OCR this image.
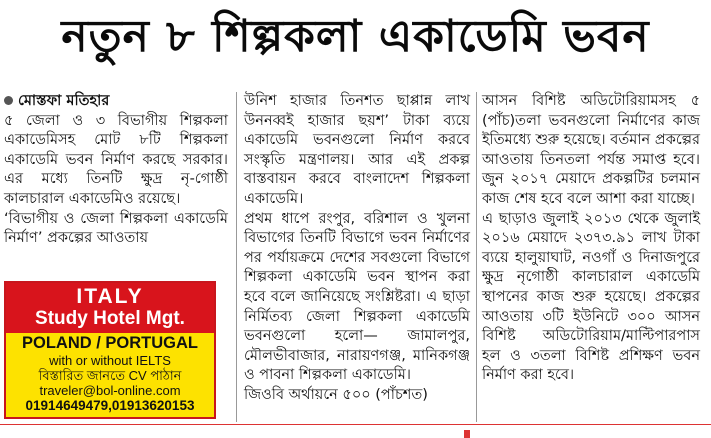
নতুন ৮ শিল্পকলা একাডেমি ভবন

মোস্তফা মতিহার

৫ জেলা ও ৩ বিভাগীয় শিল্পকলা একাডেমিসহ মোট ৮টি শিল্পকলা একাডেমি ভবন নির্মাণ করছে সরকার। এর মধ্যে তিনটি ক্ষুদ্র নৃ-গোষ্ঠী কালচারাল একাডেমিও রয়েছে।

‘বিভাগীয় ও জেলা শিল্পকলা একাডেমি নির্মাণ’ প্রকল্পের আওতায়

ITALY
Study Hotel Mgt.
POLAND / PORTUGAL
with or without IELTS
বিস্তারিত জানতে CV পাঠান
traveler@bol-online.com
01914649479,01913620153

উনিশ হাজার তিনশত ছাপ্পান্ন লাখ উননব্বই হাজার ছয়শ’ টাকা ব্যয়ে একাডেমি ভবনগুলো নির্মাণ করবে সংস্কৃতি মন্ত্রণালয়। আর এই প্রকল্প বাস্তবায়ন করবে বাংলাদেশ শিল্পকলা একাডেমি।

প্রথম ধাপে রংপুর, বরিশাল ও খুলনা বিভাগের তিনটি বিভাগে ভবন নির্মাণের পর পর্যায়ক্রমে দেশের সবগুলো বিভাগে শিল্পকলা একাডেমি ভবন স্থাপন করা হবে বলে জানিয়েছে সংশ্লিষ্টরা। এ ছাড়া নির্মিতব্য জেলা শিল্পকলা একাডেমি ভবনগুলো হলো— জামালপুর, মৌলভীবাজার, নারায়ণগঞ্জ, মানিকগঞ্জ ও পাবনা শিল্পকলা একাডেমি।

জিওবি অর্থায়নে ৫০০ (পাঁচশত)

আসন বিশিষ্ট অডিটোরিয়ামসহ ৫ (পাঁচ)তলা ভবনগুলো নির্মাণের কাজ ইতিমধ্যে শুরু হয়েছে। বর্তমান প্রকল্পের আওতায় তিনতলা পর্যন্ত সমাপ্ত হবে। জুন ২০১৭ মেয়াদে প্রকল্পটির চলমান কাজ শেষ হবে বলে আশা করা যাচ্ছে।

এ ছাড়াও জুলাই ২০১৩ থেকে জুলাই ২০১৬ মেয়াদে ২৩৭৩.৯১ লাখ টাকা ব্যয়ে হালুয়াঘাট, নওগাঁ ও দিনাজপুরে ক্ষুদ্র নৃগোষ্ঠী কালচারাল একাডেমি স্থাপনের কাজ শুরু হয়েছে। প্রকল্পের আওতায় ৩টি ইউনিটে ৩০০ আসন বিশিষ্ট অডিটোরিয়াম/মাল্টিপারপাস হল ও ৩তলা বিশিষ্ট প্রশিক্ষণ ভবন নির্মাণ করা হবে।
